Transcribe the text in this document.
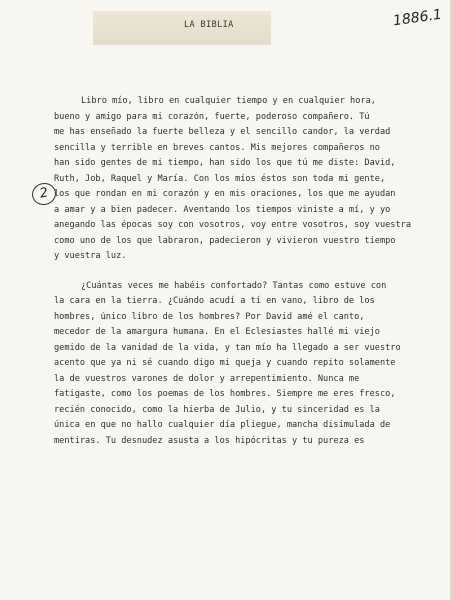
LA BIBLIA	1886.1
2
Libro mío, libro en cualquier tiempo y en cualquier hora,
bueno y amigo para mi corazón, fuerte, poderoso compañero. Tú
me has enseñado la fuerte belleza y el sencillo candor, la verdad
sencilla y terrible en breves cantos. Mis mejores compañeros no
han sido gentes de mi tiempo, han sido los que tú me diste: David,
Ruth, Job, Raquel y María. Con los míos éstos son toda mi gente,
los que rondan en mi corazón y en mis oraciones, los que me ayudan
a amar y a bien padecer. Aventando los tiempos viniste a mí, y yo
anegando las épocas soy con vosotros, voy entre vosotros, soy vuestra
como uno de los que labraron, padecieron y vivieron vuestro tiempo
y vuestra luz.
¿Cuántas veces me habéis confortado? Tantas como estuve con
la cara en la tierra. ¿Cuándo acudí a tí en vano, libro de los
hombres, único libro de los hombres? Por David amé el canto,
mecedor de la amargura humana. En el Eclesiastes hallé mi viejo
gemido de la vanidad de la vida, y tan mío ha llegado a ser vuestro
acento que ya ni sé cuando digo mi queja y cuando repito solamente
la de vuestros varones de dolor y arrepentimiento. Nunca me
fatigaste, como los poemas de los hombres. Siempre me eres fresco,
recién conocido, como la hierba de Julio, y tu sinceridad es la
única en que no hallo cualquier día pliegue, mancha disimulada de
mentiras. Tu desnudez asusta a los hipócritas y tu pureza es
